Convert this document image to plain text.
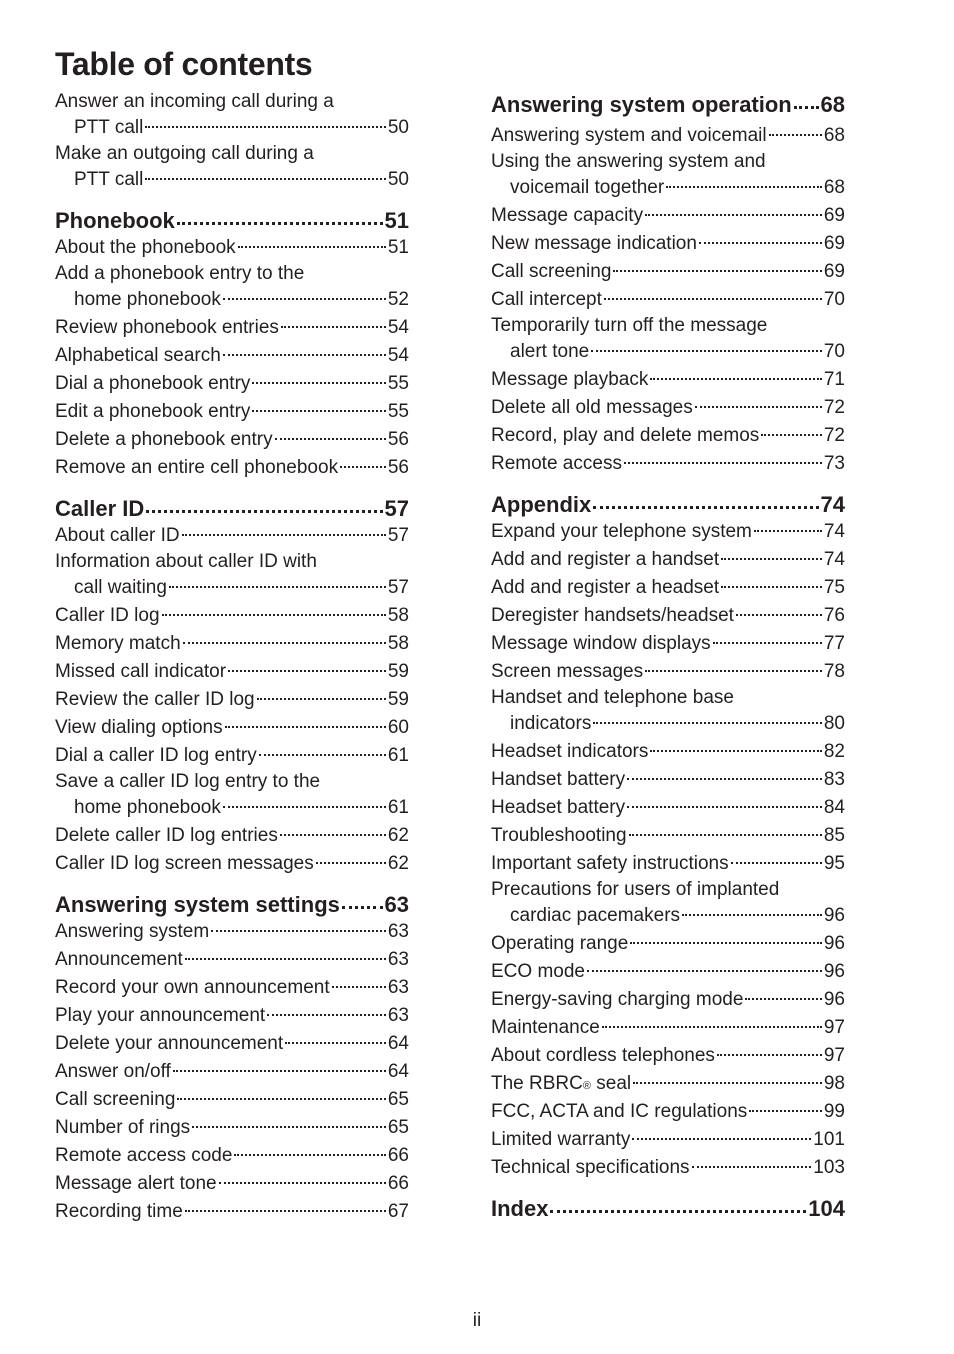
Table of contents
Answer an incoming call during a
PTT call	50
Make an outgoing call during a
PTT call	50
Phonebook	51
About the phonebook	51
Add a phonebook entry to the
home phonebook	52
Review phonebook entries	54
Alphabetical search	54
Dial a phonebook entry	55
Edit a phonebook entry	55
Delete a phonebook entry	56
Remove an entire cell phonebook	56
Caller ID	57
About caller ID	57
Information about caller ID with
call waiting	57
Caller ID log	58
Memory match	58
Missed call indicator	59
Review the caller ID log	59
View dialing options	60
Dial a caller ID log entry	61
Save a caller ID log entry to the
home phonebook	61
Delete caller ID log entries	62
Caller ID log screen messages	62
Answering system settings 63
Answering system	63
Announcement	63
Record your own announcement	63
Play your announcement	63
Delete your announcement	64
Answer on/off	64
Call screening	65
Number of rings	65
Remote access code	66
Message alert tone	66
Recording time	67
Answering system operation 68
Answering system and voicemail	68
Using the answering system and
voicemail together	68
Message capacity	69
New message indication	69
Call screening	69
Call intercept	70
Temporarily turn off the message
alert tone	70
Message playback	71
Delete all old messages	72
Record, play and delete memos	72
Remote access	73
Appendix	74
Expand your telephone system	74
Add and register a handset	74
Add and register a headset	75
Deregister handsets/headset	76
Message window displays	77
Screen messages	78
Handset and telephone base
indicators	80
Headset indicators	82
Handset battery	83
Headset battery	84
Troubleshooting	85
Important safety instructions	95
Precautions for users of implanted
cardiac pacemakers	96
Operating range	96
ECO mode	96
Energy-saving charging mode	96
Maintenance	97
About cordless telephones	97
The RBRC ® seal	98
FCC, ACTA and IC regulations	99
Limited warranty	101
Technical specifications	103
Index	104
ii
